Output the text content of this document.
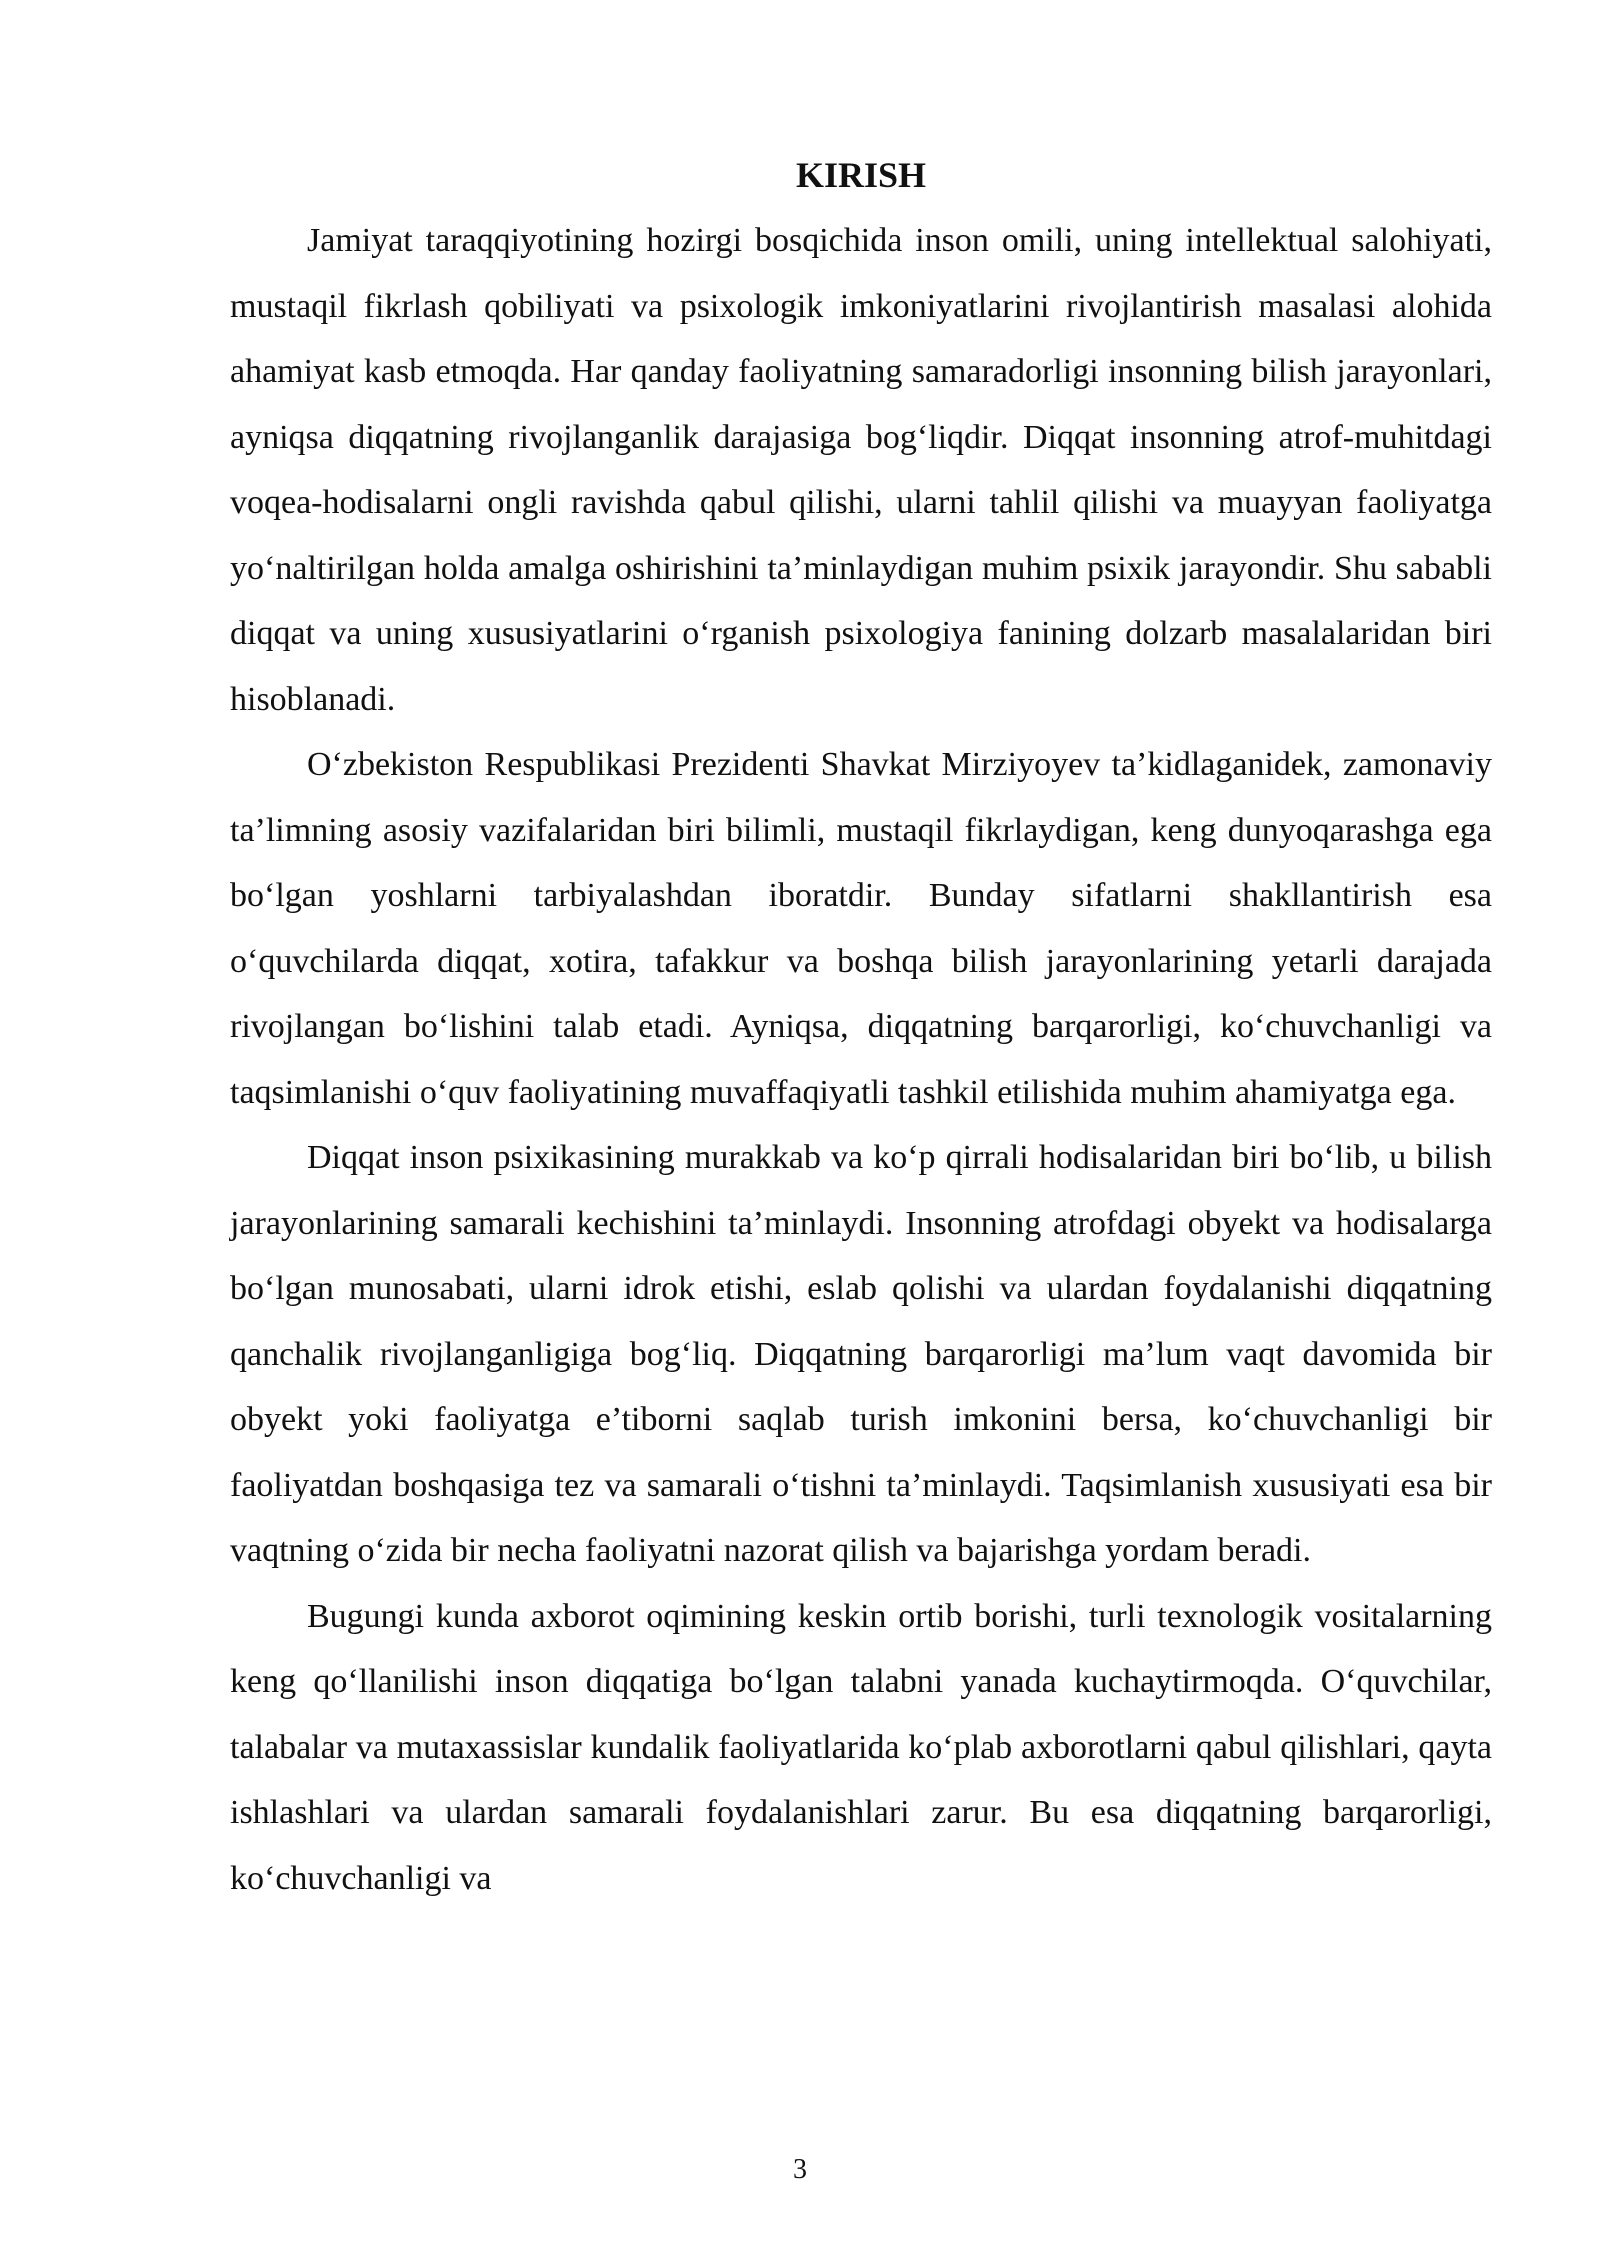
KIRISH

Jamiyat taraqqiyotining hozirgi bosqichida inson omili, uning intellektual salohiyati, mustaqil fikrlash qobiliyati va psixologik imkoniyatlarini rivojlantirish masalasi alohida ahamiyat kasb etmoqda. Har qanday faoliyatning samaradorligi insonning bilish jarayonlari, ayniqsa diqqatning rivojlanganlik darajasiga bog‘liqdir. Diqqat insonning atrof-muhitdagi voqea-hodisalarni ongli ravishda qabul qilishi, ularni tahlil qilishi va muayyan faoliyatga yo‘naltirilgan holda amalga oshirishini ta’minlaydigan muhim psixik jarayondir. Shu sababli diqqat va uning xususiyatlarini o‘rganish psixologiya fanining dolzarb masalalaridan biri hisoblanadi.

O‘zbekiston Respublikasi Prezidenti Shavkat Mirziyoyev ta’kidlaganidek, zamonaviy ta’limning asosiy vazifalaridan biri bilimli, mustaqil fikrlaydigan, keng dunyoqarashga ega bo‘lgan yoshlarni tarbiyalashdan iboratdir. Bunday sifatlarni shakllantirish esa o‘quvchilarda diqqat, xotira, tafakkur va boshqa bilish jarayonlarining yetarli darajada rivojlangan bo‘lishini talab etadi. Ayniqsa, diqqatning barqarorligi, ko‘chuvchanligi va taqsimlanishi o‘quv faoliyatining muvaffaqiyatli tashkil etilishida muhim ahamiyatga ega.

Diqqat inson psixikasining murakkab va ko‘p qirrali hodisalaridan biri bo‘lib, u bilish jarayonlarining samarali kechishini ta’minlaydi. Insonning atrofdagi obyekt va hodisalarga bo‘lgan munosabati, ularni idrok etishi, eslab qolishi va ulardan foydalanishi diqqatning qanchalik rivojlanganligiga bog‘liq. Diqqatning barqarorligi ma’lum vaqt davomida bir obyekt yoki faoliyatga e’tiborni saqlab turish imkonini bersa, ko‘chuvchanligi bir faoliyatdan boshqasiga tez va samarali o‘tishni ta’minlaydi. Taqsimlanish xususiyati esa bir vaqtning o‘zida bir necha faoliyatni nazorat qilish va bajarishga yordam beradi.

Bugungi kunda axborot oqimining keskin ortib borishi, turli texnologik vositalarning keng qo‘llanilishi inson diqqatiga bo‘lgan talabni yanada kuchaytirmoqda. O‘quvchilar, talabalar va mutaxassislar kundalik faoliyatlarida ko‘plab axborotlarni qabul qilishlari, qayta ishlashlari va ulardan samarali foydalanishlari zarur. Bu esa diqqatning barqarorligi, ko‘chuvchanligi va

3
